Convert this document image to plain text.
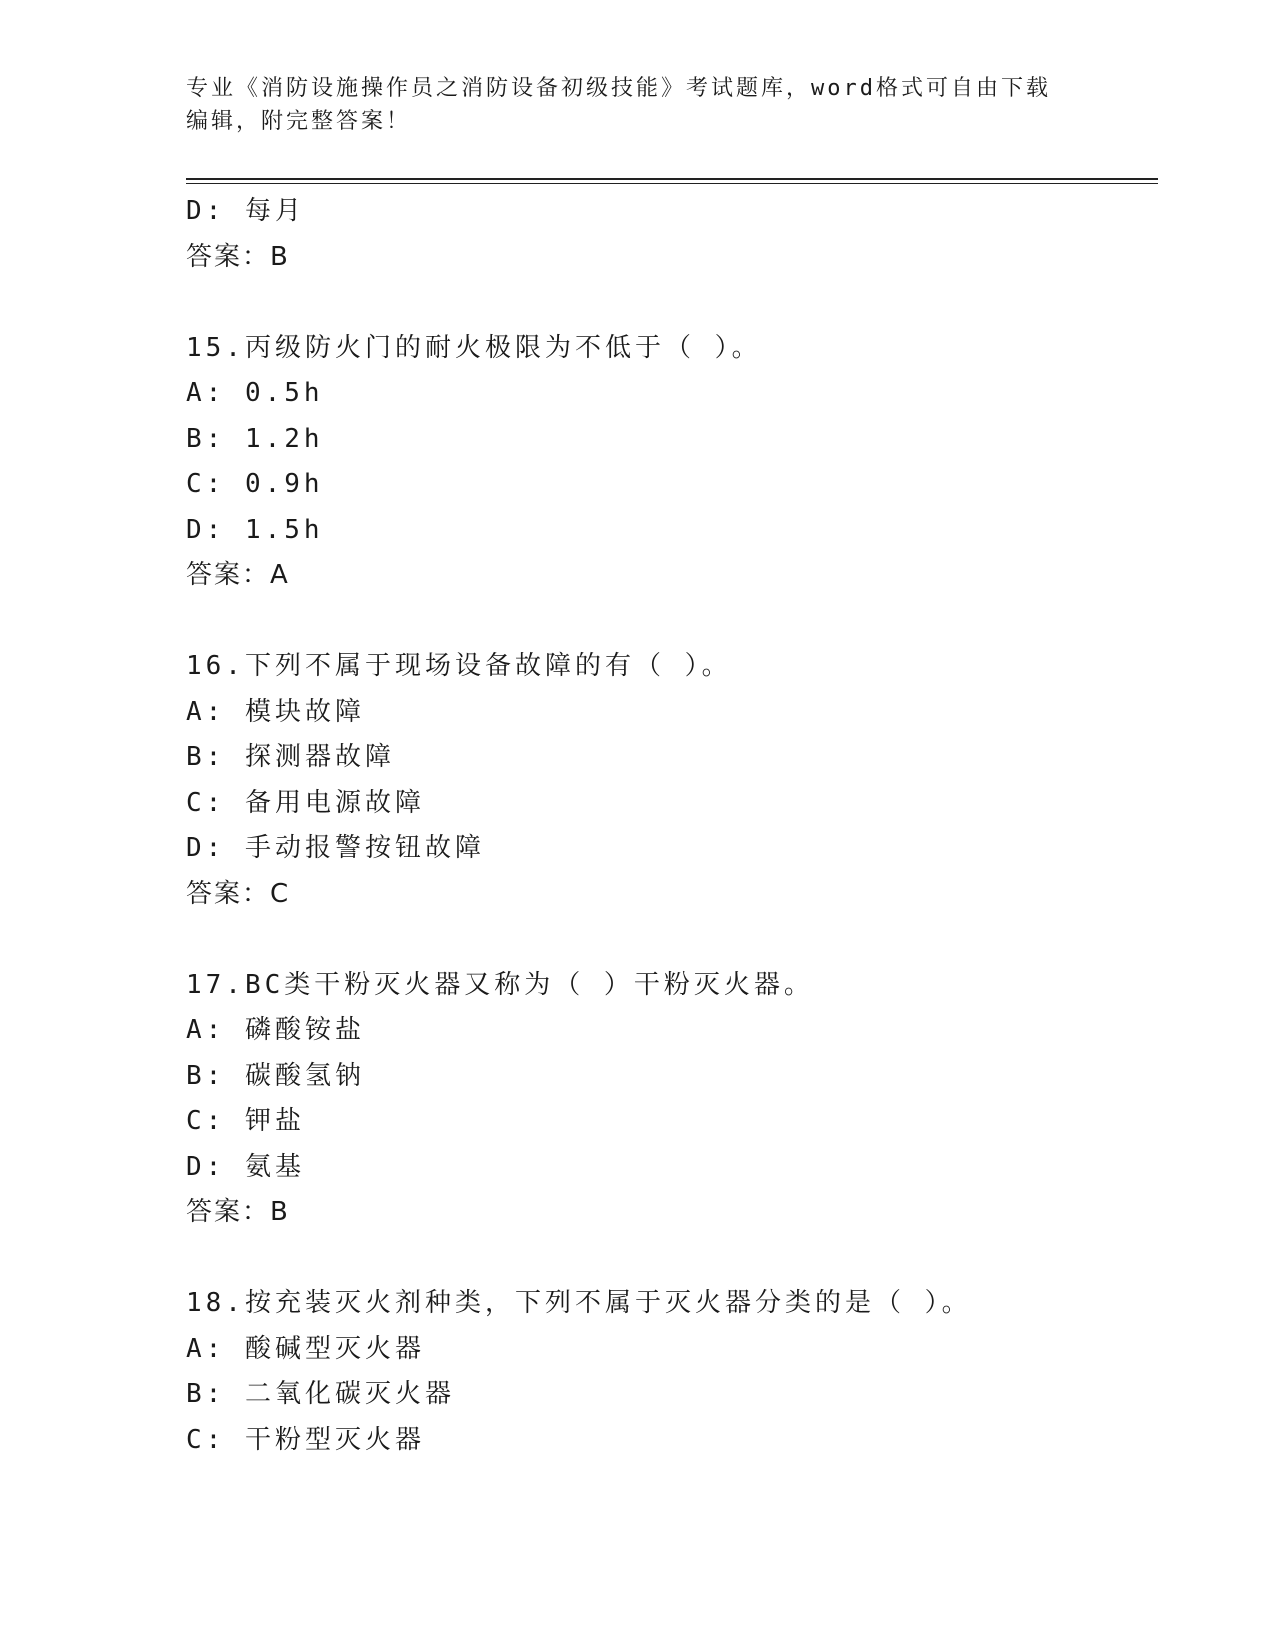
专业《消防设施操作员之消防设备初级技能》考试题库，word格式可自由下载编辑，附完整答案！
D: 每月
答案：B
15.丙级防火门的耐火极限为不低于（ ）。
A: 0.5h
B: 1.2h
C: 0.9h
D: 1.5h
答案：A
16.下列不属于现场设备故障的有（ ）。
A: 模块故障
B: 探测器故障
C: 备用电源故障
D: 手动报警按钮故障
答案：C
17.BC类干粉灭火器又称为（ ）干粉灭火器。
A: 磷酸铵盐
B: 碳酸氢钠
C: 钾盐
D: 氨基
答案：B
18.按充装灭火剂种类，下列不属于灭火器分类的是（ ）。
A: 酸碱型灭火器
B: 二氧化碳灭火器
C: 干粉型灭火器
